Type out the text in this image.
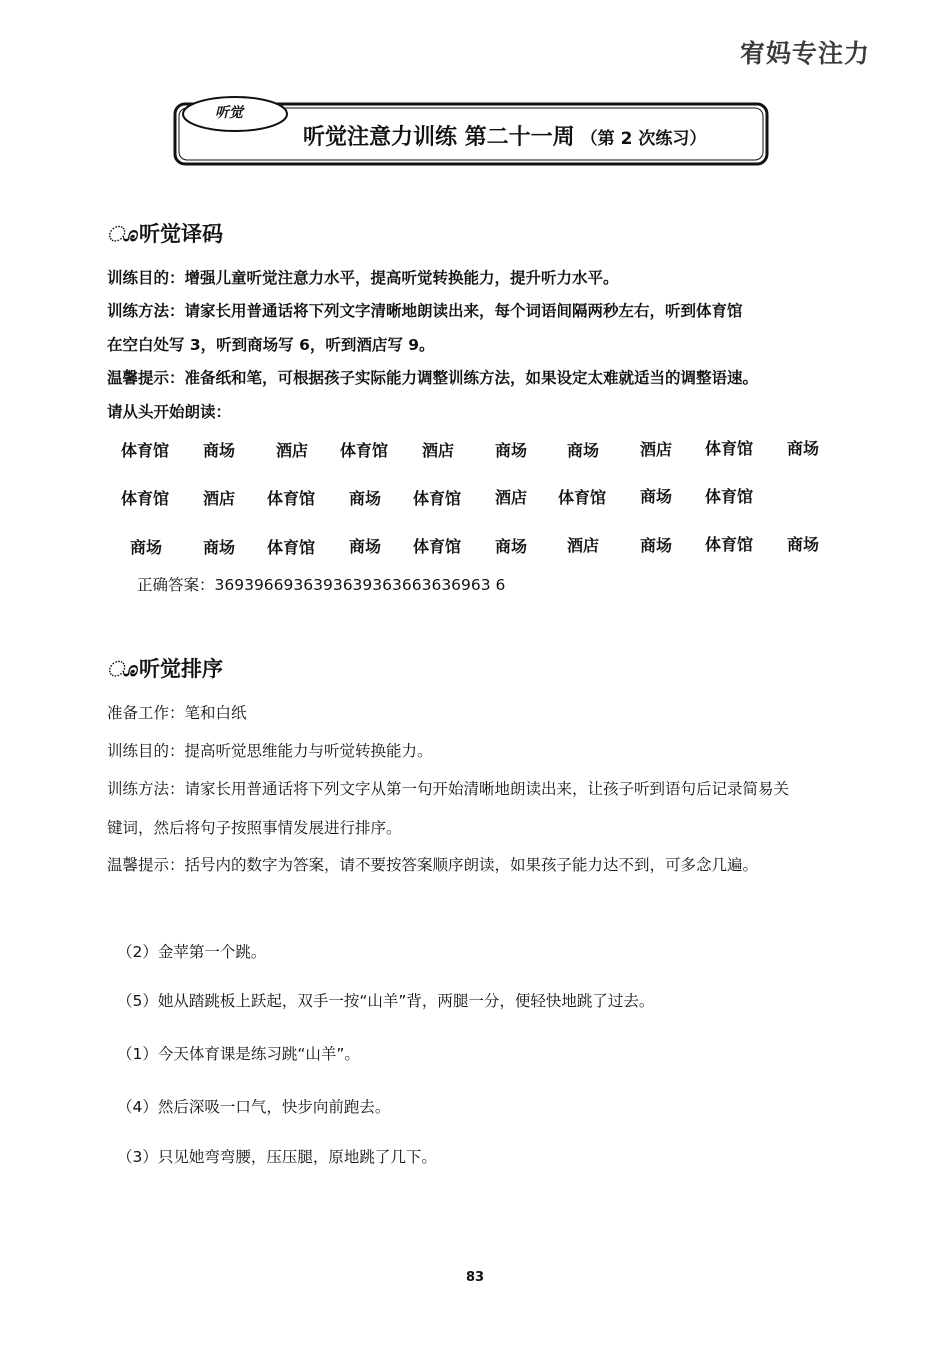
宥妈专注力
听觉
听觉注意力训练 第二十一周 （第 2 次练习）
ೂ听觉译码
训练目的：增强儿童听觉注意力水平，提高听觉转换能力，提升听力水平。
训练方法：请家长用普通话将下列文字清晰地朗读出来，每个词语间隔两秒左右，听到体育馆
在空白处写 3，听到商场写 6，听到酒店写 9。
温馨提示：准备纸和笔，可根据孩子实际能力调整训练方法，如果设定太难就适当的调整语速。
请从头开始朗读：
体育馆 商场	酒店 体育馆 酒店	商场 商场	酒店 体育馆 商场
体育馆 酒店 体育馆 商场 体育馆 酒店 体育馆 商场 体育馆
商场	商场 体育馆 商场 体育馆 商场 酒店	商场 体育馆 商场
正确答案：3693966936393639363663636963 6
ೂ听觉排序
准备工作：笔和白纸
训练目的：提高听觉思维能力与听觉转换能力。
训练方法：请家长用普通话将下列文字从第一句开始清晰地朗读出来，让孩子听到语句后记录简易关
键词，然后将句子按照事情发展进行排序。
温馨提示：括号内的数字为答案，请不要按答案顺序朗读，如果孩子能力达不到，可多念几遍。
（2）金苹第一个跳。
（5）她从踏跳板上跃起，双手一按“山羊”背，两腿一分，便轻快地跳了过去。
（1）今天体育课是练习跳“山羊”。
（4）然后深吸一口气，快步向前跑去。
（3）只见她弯弯腰，压压腿，原地跳了几下。
83
